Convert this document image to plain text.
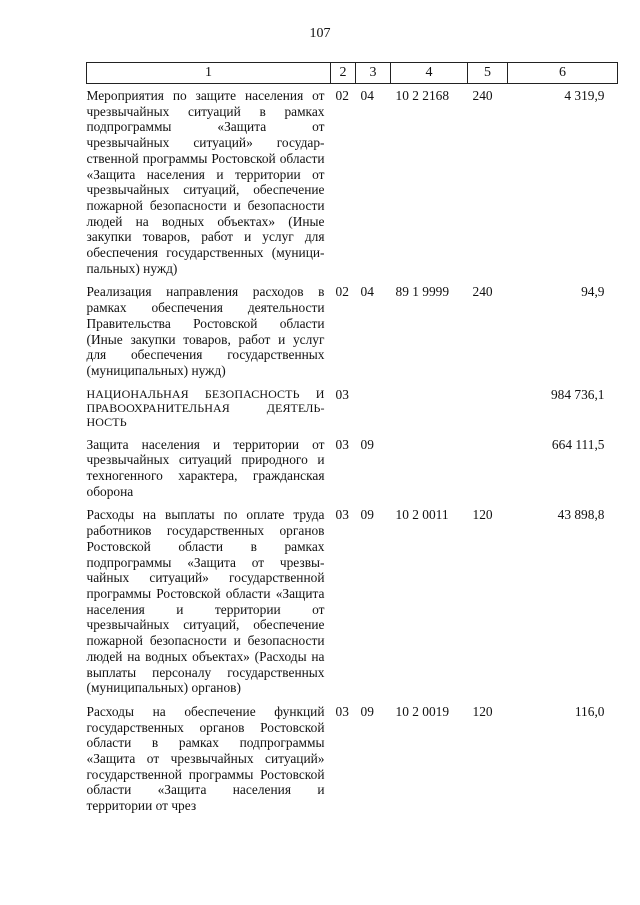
107
1	2	3	4	5	6
Мероприятия по защите населения от чрезвычайных ситуаций в рамках подпрограммы «Защита от чрезвычайных ситуаций» государственной программы Ростовской области «Защита населения и территории от чрезвычайных ситуаций, обеспечение пожарной безопасности и безопасности людей на водных объектах» (Иные закупки товаров, работ и услуг для обеспечения государственных (муниципальных) нужд)	02	04	10 2 2168	240	4 319,9
Реализация направления расходов в рамках обеспечения деятельности Правительства Ростовской области (Иные закупки товаров, работ и услуг для обеспечения государственных (муниципальных) нужд)	02	04	89 1 9999	240	94,9
НАЦИОНАЛЬНАЯ БЕЗОПАСНОСТЬ И ПРАВООХРАНИТЕЛЬНАЯ ДЕЯТЕЛЬНОСТЬ	03				984 736,1
Защита населения и территории от чрезвычайных ситуаций природного и техногенного характера, гражданская оборона	03	09			664 111,5
Расходы на выплаты по оплате труда работников государственных органов Ростовской области в рамках подпрограммы «Защита от чрезвычайных ситуаций» государственной программы Ростовской области «Защита населения и территории от чрезвычайных ситуаций, обеспечение пожарной безопасности и безопасности людей на водных объектах» (Расходы на выплаты персоналу государственных (муниципальных) органов)	03	09	10 2 0011	120	43 898,8
Расходы на обеспечение функций государственных органов Ростовской области в рамках подпрограммы «Защита от чрезвычайных ситуаций» государственной программы Ростовской области «Защита населения и территории от чрез	03	09	10 2 0019	120	116,0
